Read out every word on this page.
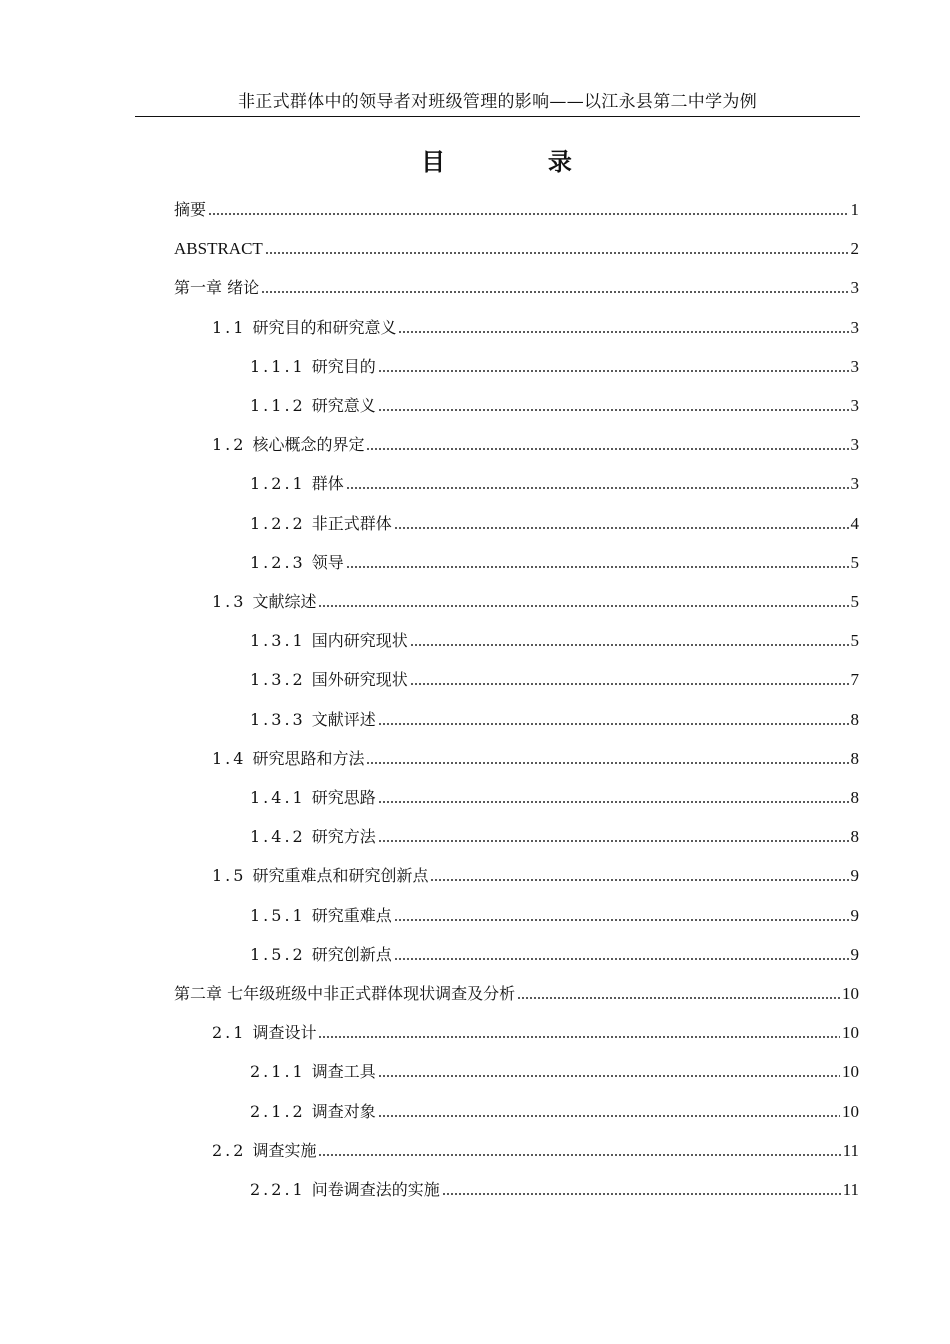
非正式群体中的领导者对班级管理的影响——以江永县第二中学为例
目  录
摘要	1
ABSTRACT	2
第一章 绪论	3
1.1 研究目的和研究意义	3
1.1.1 研究目的	3
1.1.2 研究意义	3
1.2 核心概念的界定	3
1.2.1 群体	3
1.2.2 非正式群体	4
1.2.3 领导	5
1.3 文献综述	5
1.3.1 国内研究现状	5
1.3.2 国外研究现状	7
1.3.3 文献评述	8
1.4 研究思路和方法	8
1.4.1 研究思路	8
1.4.2 研究方法	8
1.5 研究重难点和研究创新点	9
1.5.1 研究重难点	9
1.5.2 研究创新点	9
第二章 七年级班级中非正式群体现状调查及分析	10
2.1 调查设计	10
2.1.1 调查工具	10
2.1.2 调查对象	10
2.2 调查实施	11
2.2.1 问卷调查法的实施	11
